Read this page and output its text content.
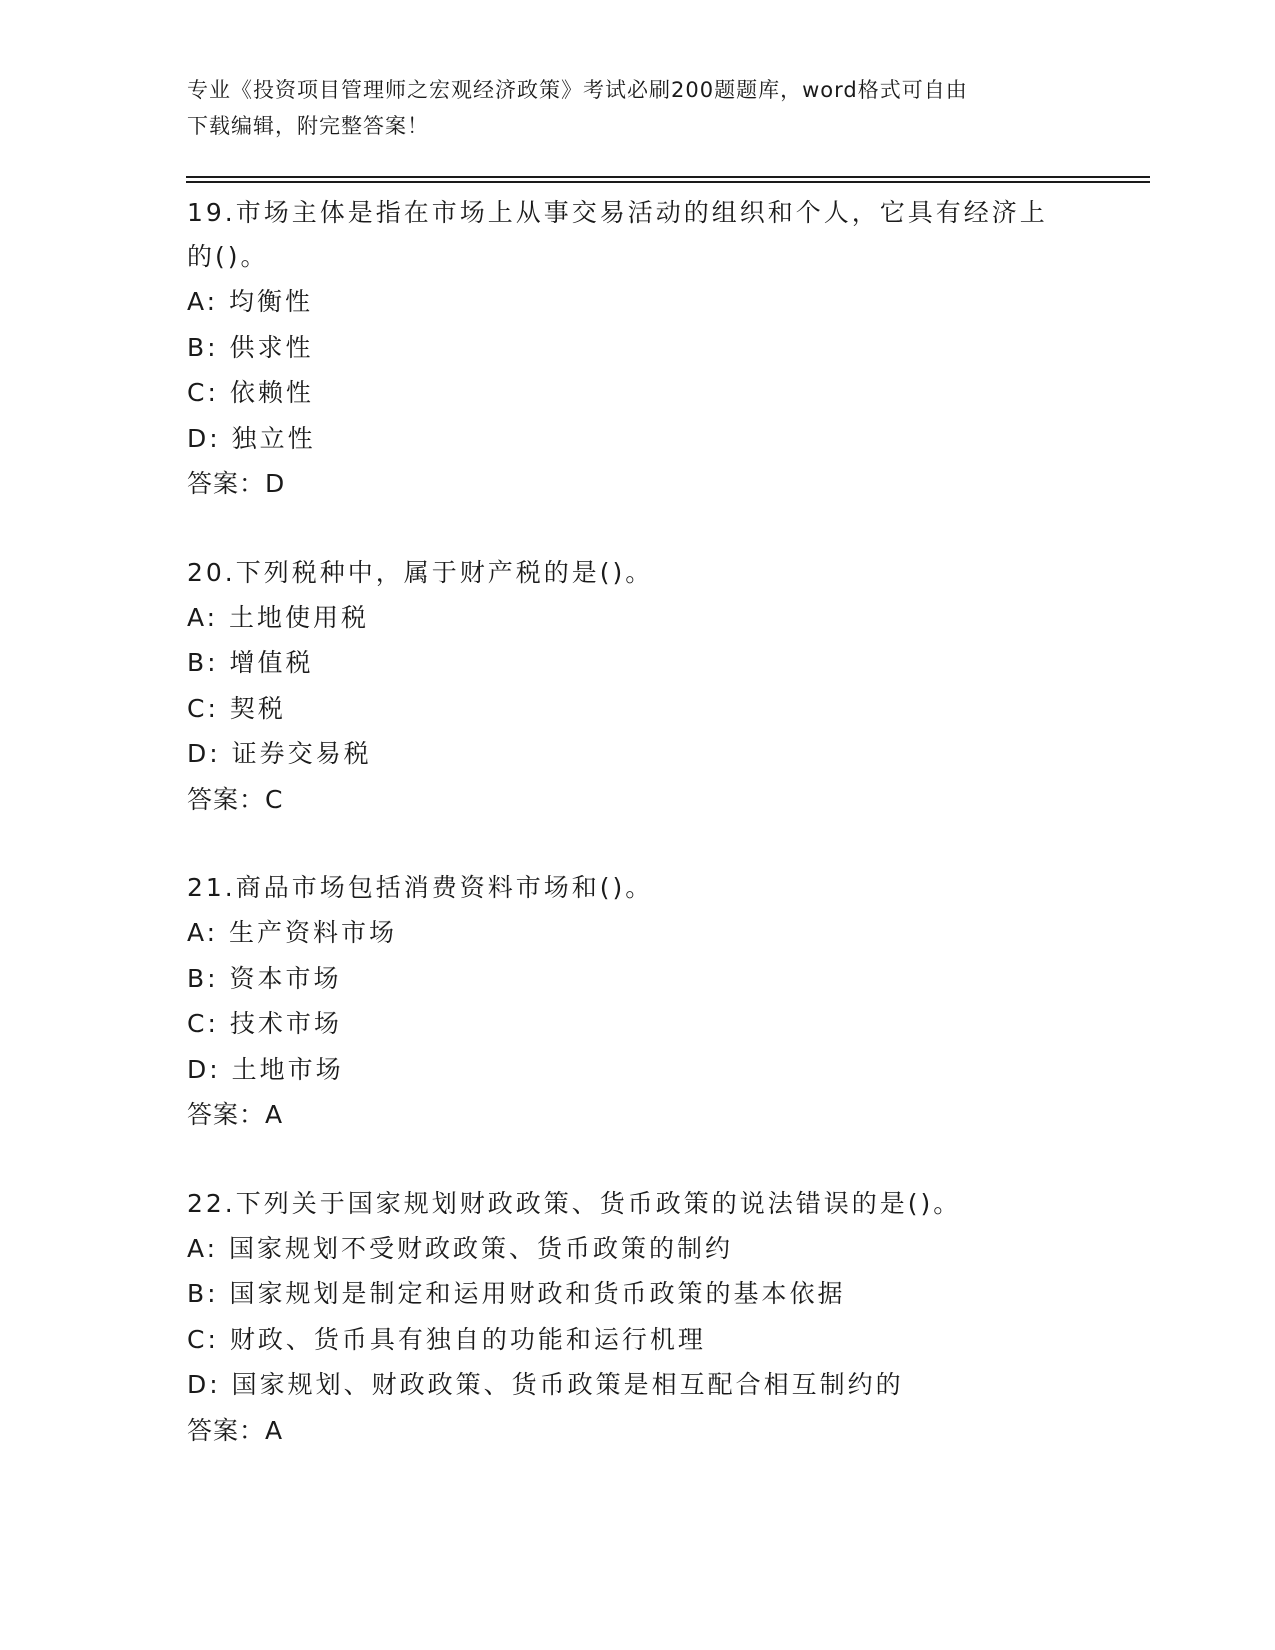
专业《投资项目管理师之宏观经济政策》考试必刷200题题库，word格式可自由
下载编辑，附完整答案！

19.市场主体是指在市场上从事交易活动的组织和个人，它具有经济上
的()。

A: 均衡性

B: 供求性

C: 依赖性

D: 独立性

答案：D

20.下列税种中，属于财产税的是()。

A: 土地使用税

B: 增值税

C: 契税

D: 证券交易税

答案：C

21.商品市场包括消费资料市场和()。

A: 生产资料市场

B: 资本市场

C: 技术市场

D: 土地市场

答案：A

22.下列关于国家规划财政政策、货币政策的说法错误的是()。

A: 国家规划不受财政政策、货币政策的制约

B: 国家规划是制定和运用财政和货币政策的基本依据

C: 财政、货币具有独自的功能和运行机理

D: 国家规划、财政政策、货币政策是相互配合相互制约的

答案：A
